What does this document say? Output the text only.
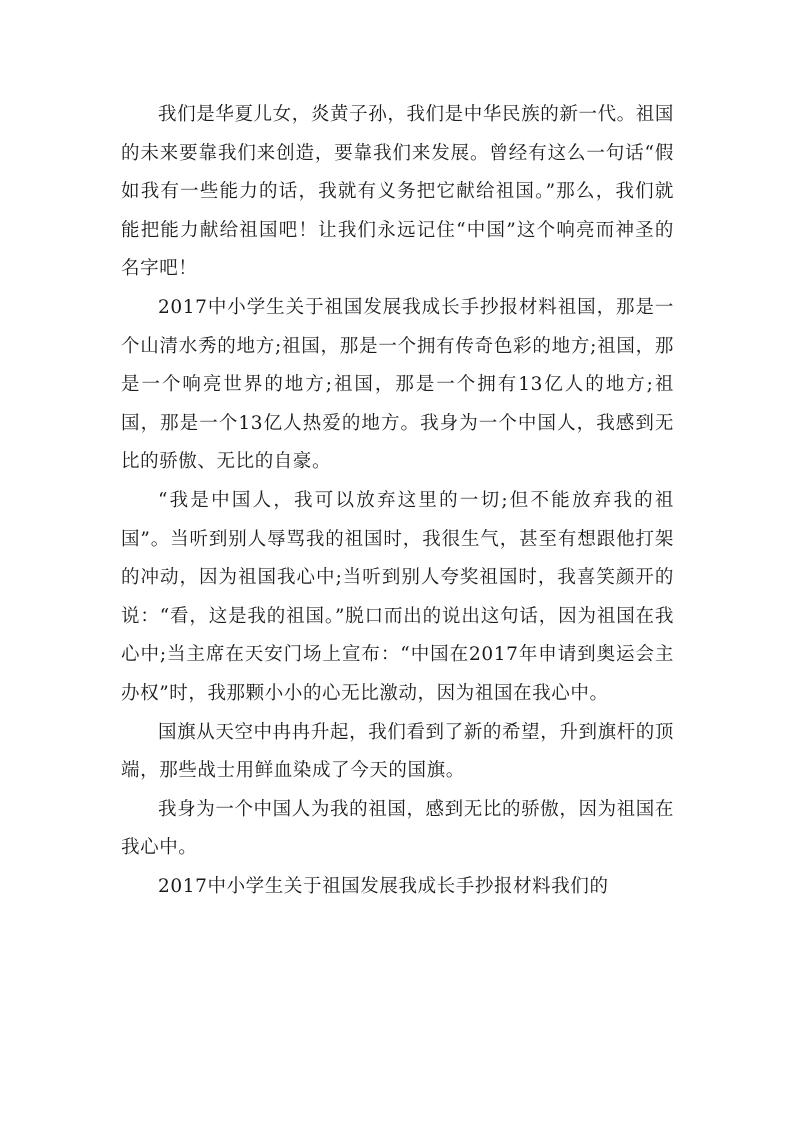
我们是华夏儿女，炎黄子孙，我们是中华民族的新一代。祖国的未来要靠我们来创造，要靠我们来发展。曾经有这么一句话“假如我有一些能力的话，我就有义务把它献给祖国。”那么，我们就能把能力献给祖国吧！让我们永远记住“中国”这个响亮而神圣的名字吧！

2017中小学生关于祖国发展我成长手抄报材料祖国，那是一个山清水秀的地方;祖国，那是一个拥有传奇色彩的地方;祖国，那是一个响亮世界的地方;祖国，那是一个拥有13亿人的地方;祖国，那是一个13亿人热爱的地方。我身为一个中国人，我感到无比的骄傲、无比的自豪。

“我是中国人，我可以放弃这里的一切;但不能放弃我的祖国”。当听到别人辱骂我的祖国时，我很生气，甚至有想跟他打架的冲动，因为祖国我心中;当听到别人夸奖祖国时，我喜笑颜开的说：“看，这是我的祖国。”脱口而出的说出这句话，因为祖国在我心中;当主席在天安门场上宣布：“中国在2017年申请到奥运会主办权”时，我那颗小小的心无比激动，因为祖国在我心中。

国旗从天空中冉冉升起，我们看到了新的希望，升到旗杆的顶端，那些战士用鲜血染成了今天的国旗。

我身为一个中国人为我的祖国，感到无比的骄傲，因为祖国在我心中。

2017中小学生关于祖国发展我成长手抄报材料我们的
